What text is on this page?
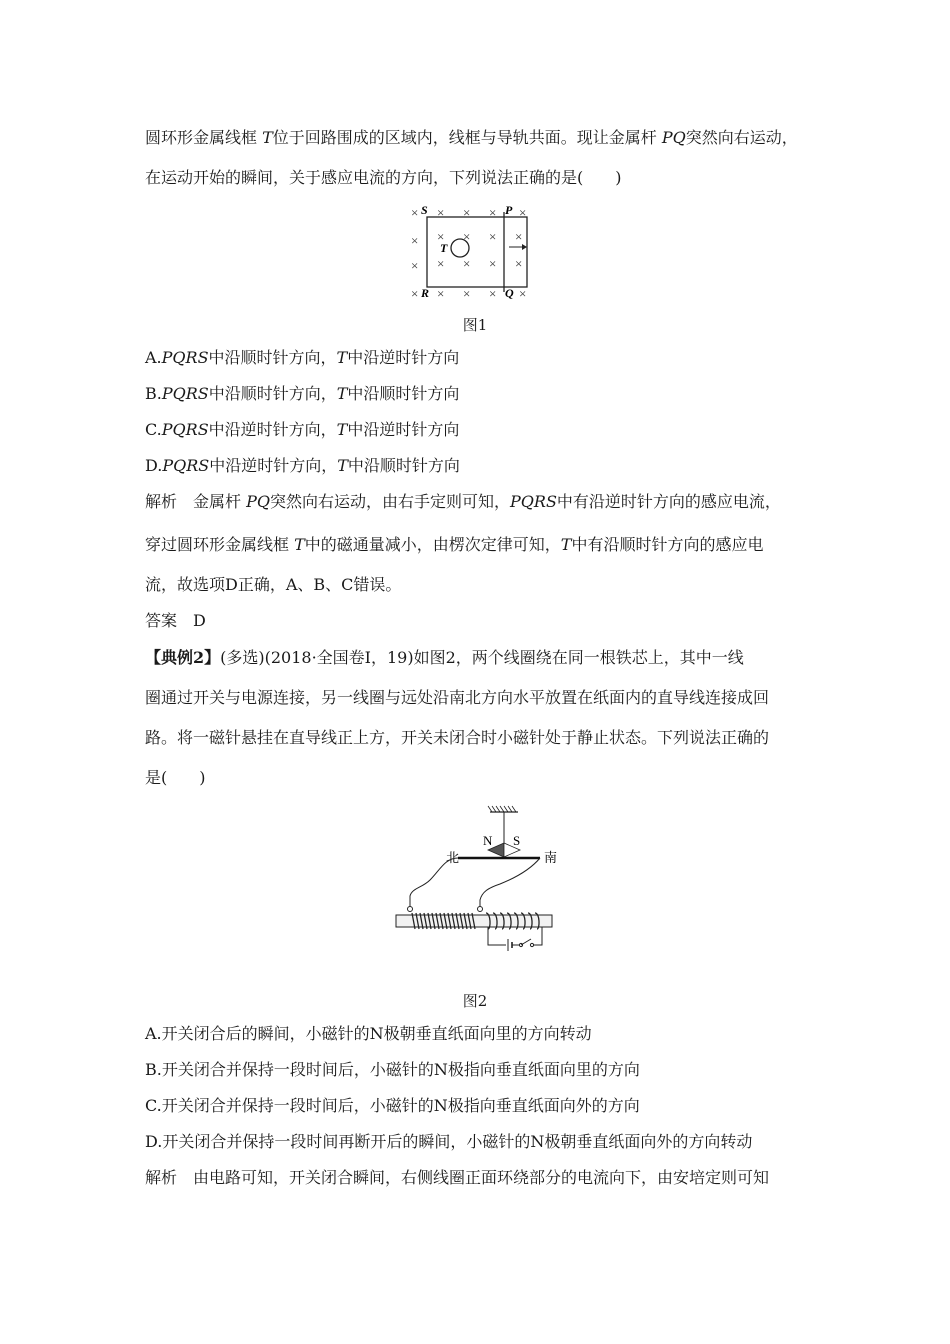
圆环形金属线框 T位于回路围成的区域内，线框与导轨共面。现让金属杆 PQ突然向右运动，
在运动开始的瞬间，关于感应电流的方向，下列说法正确的是(　　)
× × × × ×
× × × × ×
× × × × ×
× × × × ×
S	P
T
R	Q
图1
A.PQRS中沿顺时针方向，T中沿逆时针方向
B.PQRS中沿顺时针方向，T中沿顺时针方向
C.PQRS中沿逆时针方向，T中沿逆时针方向
D.PQRS中沿逆时针方向，T中沿顺时针方向
解析　金属杆 PQ突然向右运动，由右手定则可知，PQRS中有沿逆时针方向的感应电流，
穿过圆环形金属线框 T中的磁通量减小，由楞次定律可知，T中有沿顺时针方向的感应电
流，故选项D正确，A、B、C错误。
答案　 D
【典例2】(多选)(2018·全国卷Ⅰ，19)如图2，两个线圈绕在同一根铁芯上，其中一线
圈通过开关与电源连接，另一线圈与远处沿南北方向水平放置在纸面内的直导线连接成回
路。将一磁针悬挂在直导线正上方，开关未闭合时小磁针处于静止状态。下列说法正确的
是(　　)
N S
北	南
图2
A.开关闭合后的瞬间，小磁针的N极朝垂直纸面向里的方向转动
B.开关闭合并保持一段时间后，小磁针的N极指向垂直纸面向里的方向
C.开关闭合并保持一段时间后，小磁针的N极指向垂直纸面向外的方向
D.开关闭合并保持一段时间再断开后的瞬间，小磁针的N极朝垂直纸面向外的方向转动
解析　由电路可知，开关闭合瞬间，右侧线圈正面环绕部分的电流向下，由安培定则可知
